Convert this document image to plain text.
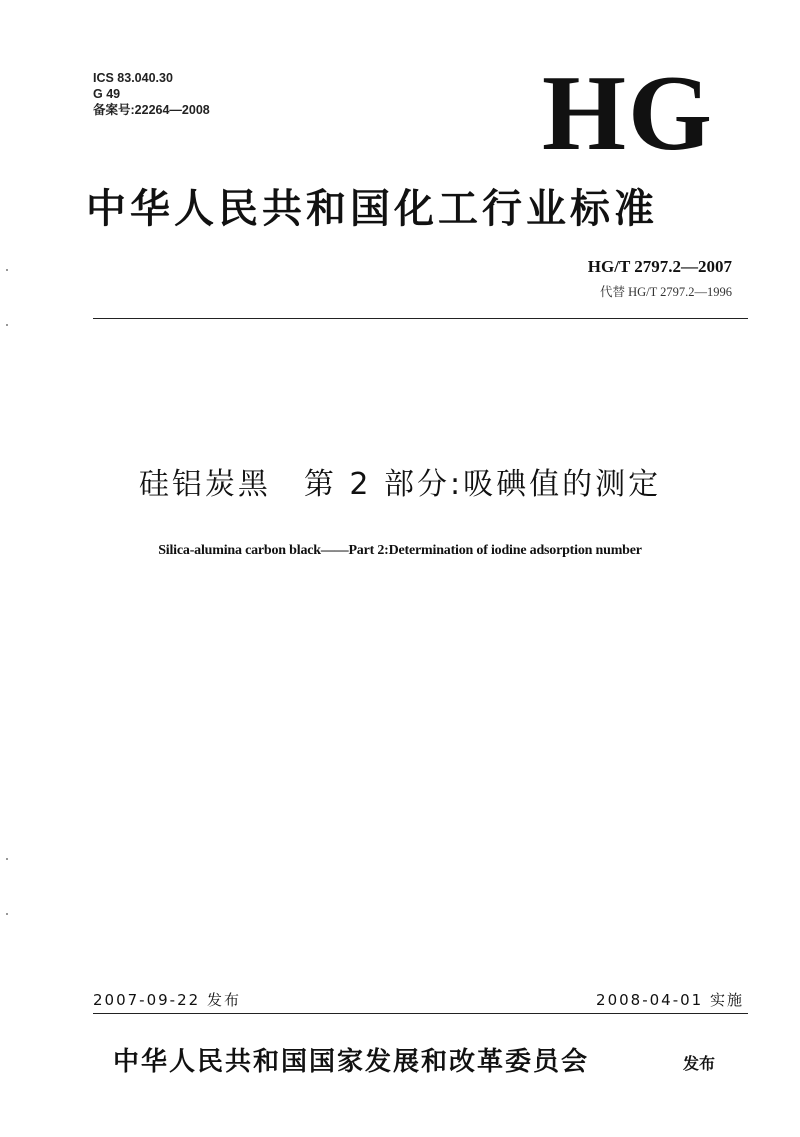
ICS 83.040.30
G 49
备案号:22264—2008	HG
中华人民共和国化工行业标准
HG/T 2797.2—2007
代替 HG/T 2797.2—1996
硅铝炭黑　第 2 部分:吸碘值的测定
Silica-alumina carbon black——Part 2:Determination of iodine adsorption number
2007-09-22 发布	2008-04-01 实施
中华人民共和国国家发展和改革委员会	发布
